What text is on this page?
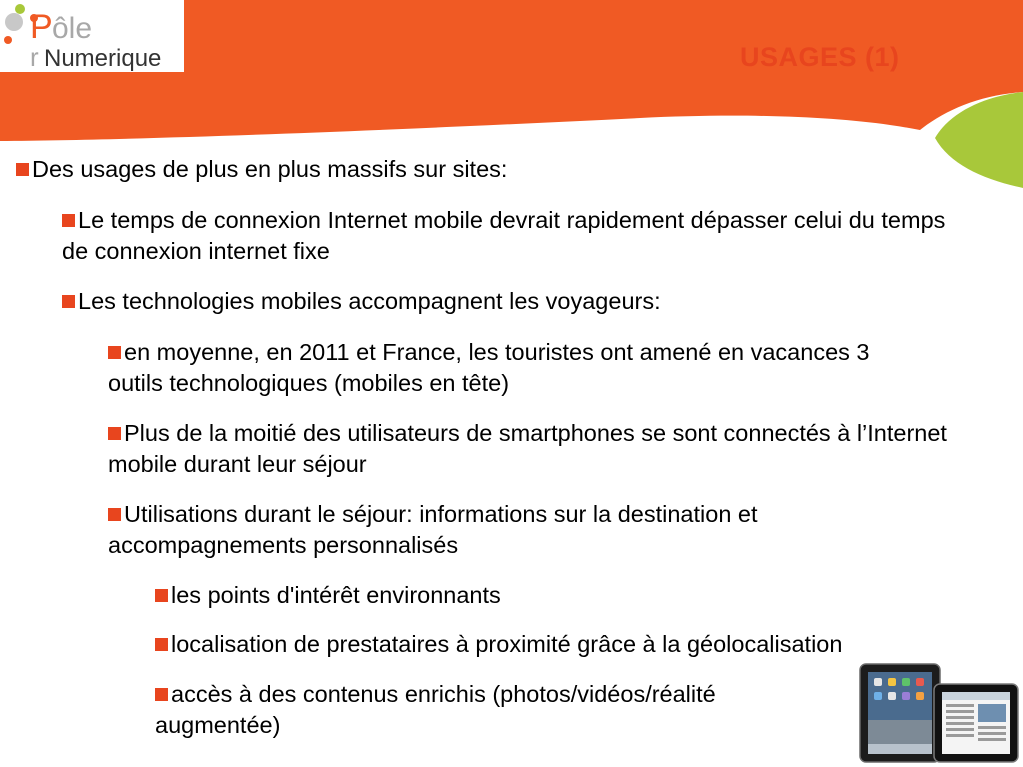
P ôle
r Numerique	USAGES (1)
Des usages de plus en plus massifs sur sites:
Le temps de connexion Internet mobile devrait rapidement dépasser celui du temps de connexion internet fixe
Les technologies mobiles accompagnent les voyageurs:
en moyenne, en 2011 et France, les touristes ont amené en vacances 3 outils technologiques (mobiles en tête)
Plus de la moitié des utilisateurs de smartphones se sont connectés à l’Internet mobile durant leur séjour
Utilisations durant le séjour: informations sur la destination et accompagnements personnalisés
les points d'intérêt environnants
localisation de prestataires à proximité grâce à la géolocalisation
accès à des contenus enrichis (photos/vidéos/réalité augmentée)
